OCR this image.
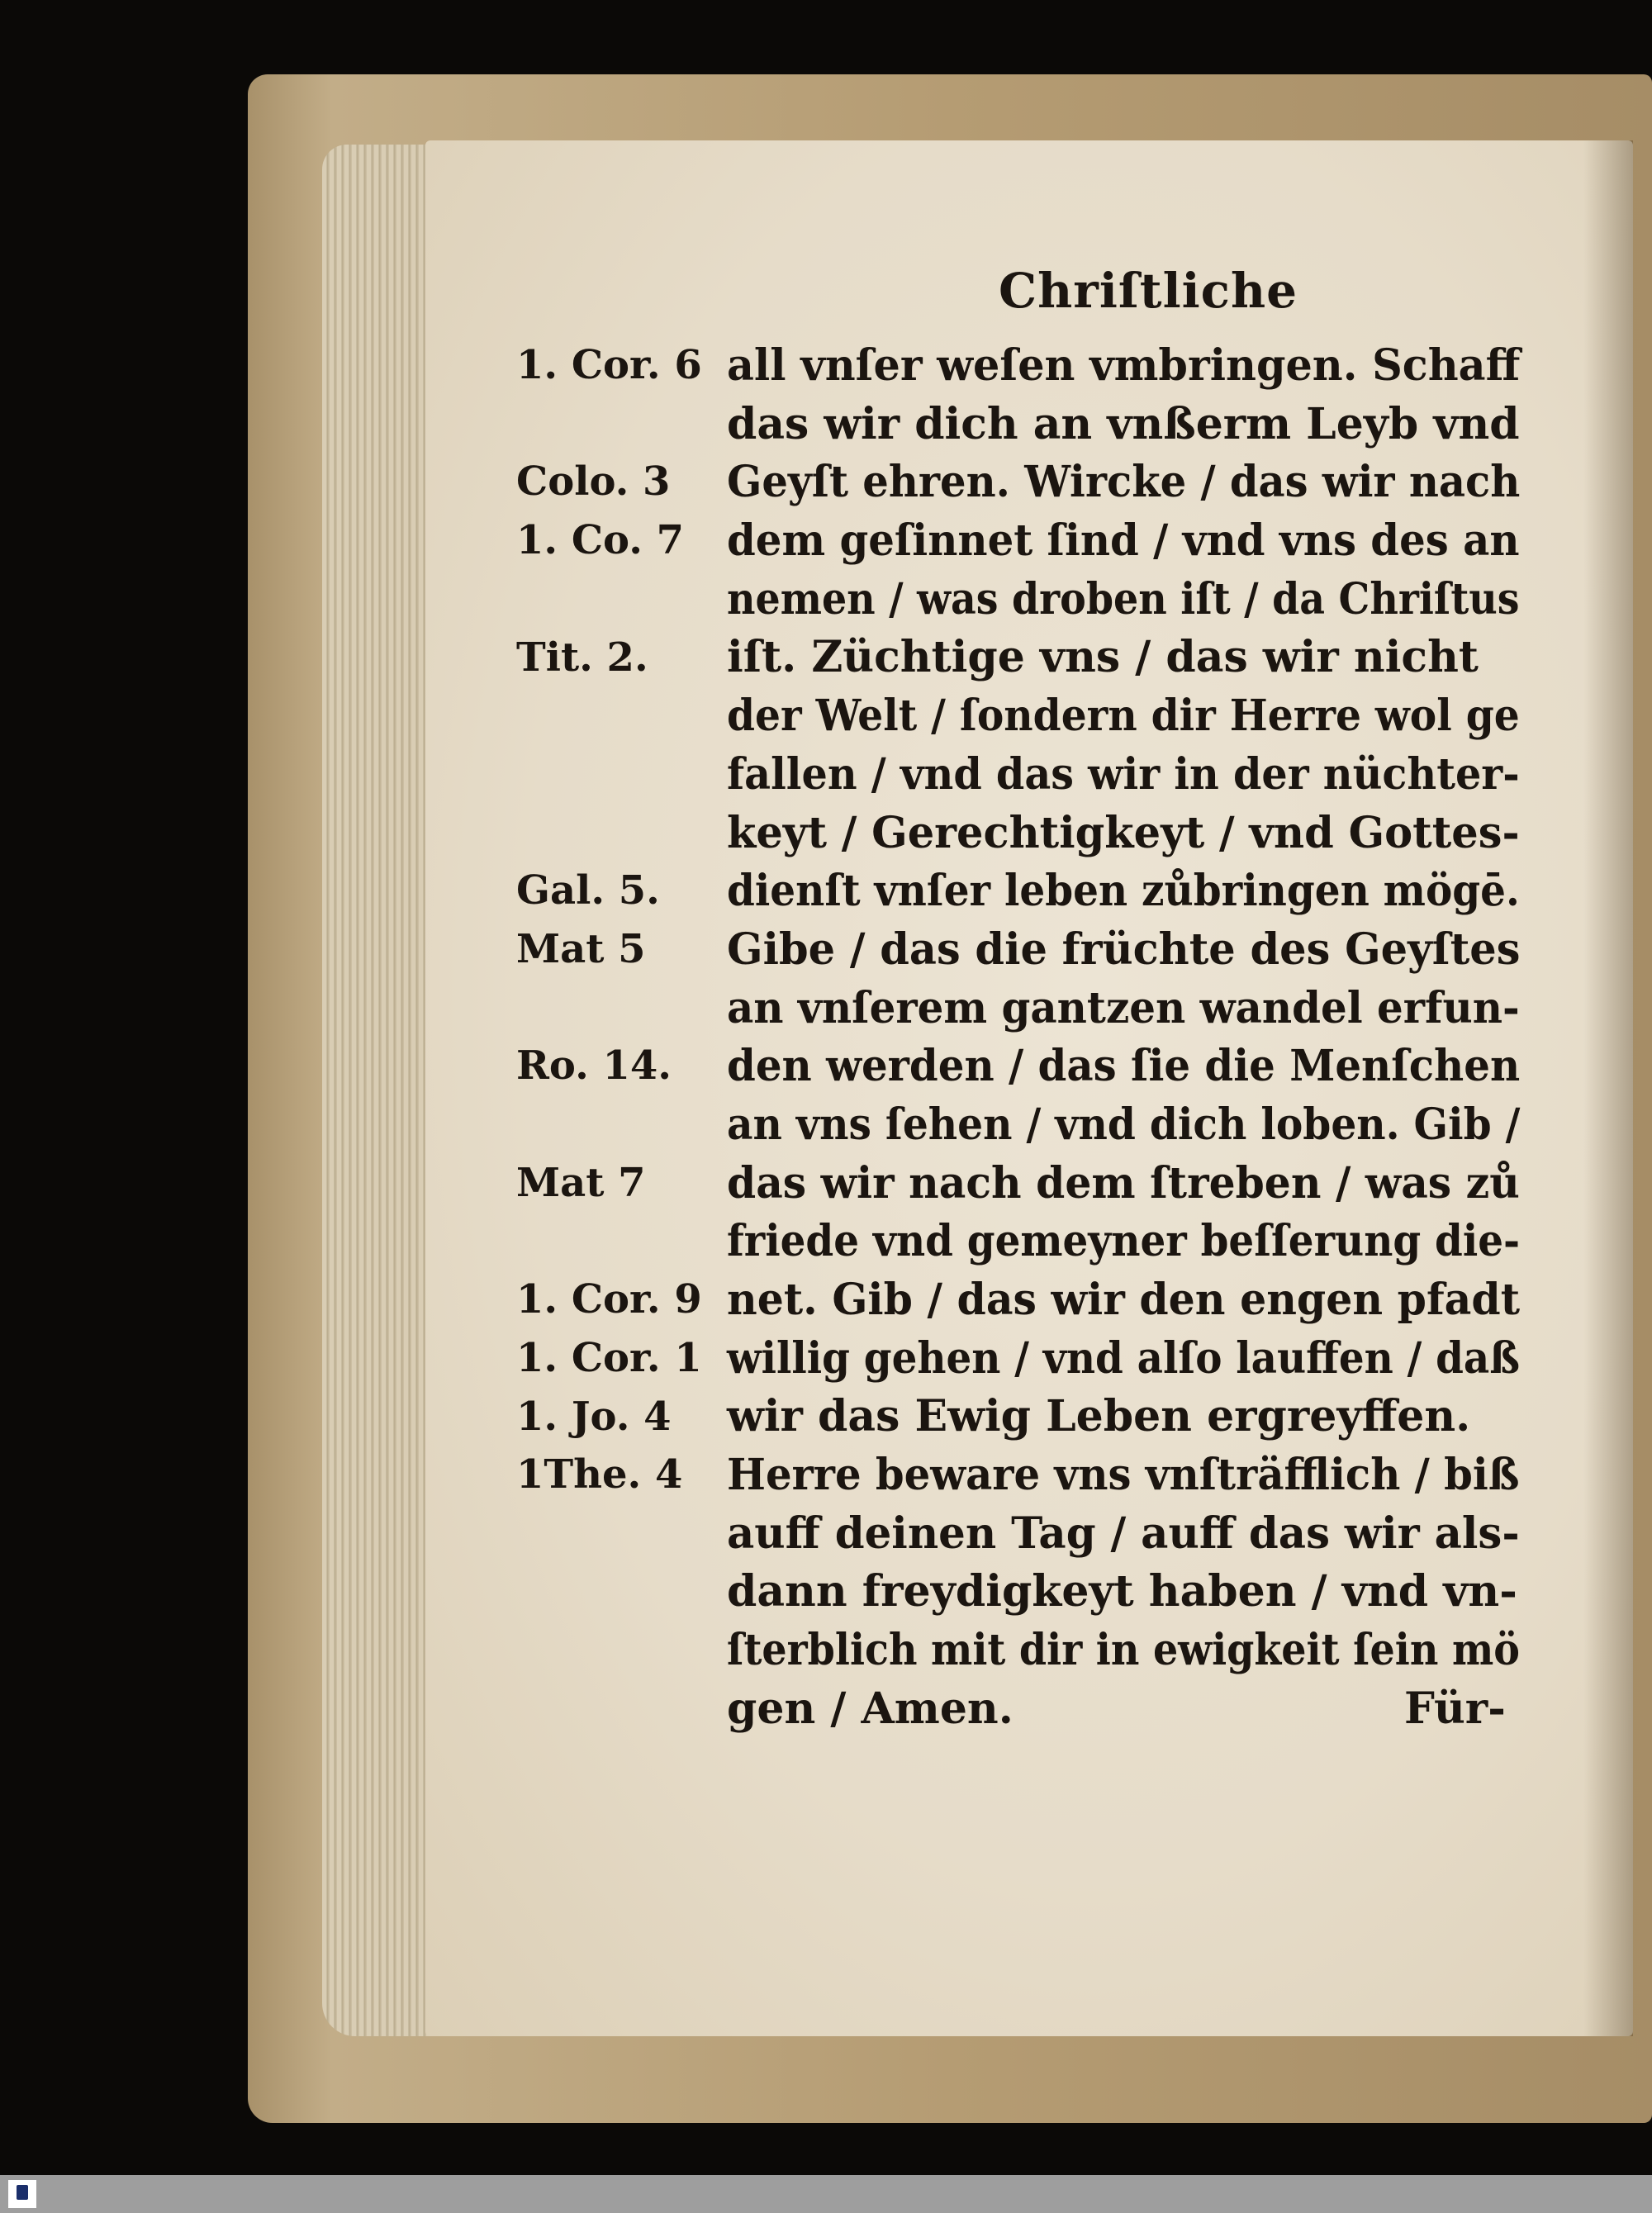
Chriſtliche
all vnſer weſen vmbringen. Schaff
das wir dich an vnßerm Leyb vnd
Geyſt ehren. Wircke / das wir nach
dem geſinnet ſind / vnd vns des an
nemen / was droben iſt / da Chriſtus
iſt. Züchtige vns / das wir nicht
der Welt / ſondern dir Herre wol ge
fallen / vnd das wir in der nüchter-
keyt / Gerechtigkeyt / vnd Gottes-
dienſt vnſer leben zůbringen mögē.
Gibe / das die früchte des Geyſtes
an vnſerem gantzen wandel erfun-
den werden / das ſie die Menſchen
an vns ſehen / vnd dich loben. Gib /
das wir nach dem ſtreben / was zů
friede vnd gemeyner beſſerung die-
net. Gib / das wir den engen pfadt
willig gehen / vnd alſo lauffen / daß
wir das Ewig Leben ergreyffen.
Herre beware vns vnſträfflich / biß
auff deinen Tag / auff das wir als-
dann freydigkeyt haben / vnd vn-
ſterblich mit dir in ewigkeit ſein mö
gen / Amen.	Für-
1. Cor. 6
Colo. 3
1. Co. 7
Tit. 2.
Gal. 5.
Mat 5
Ro. 14.
Mat 7
1. Cor. 9
1. Cor. 1
1. Jo. 4
1The. 4
